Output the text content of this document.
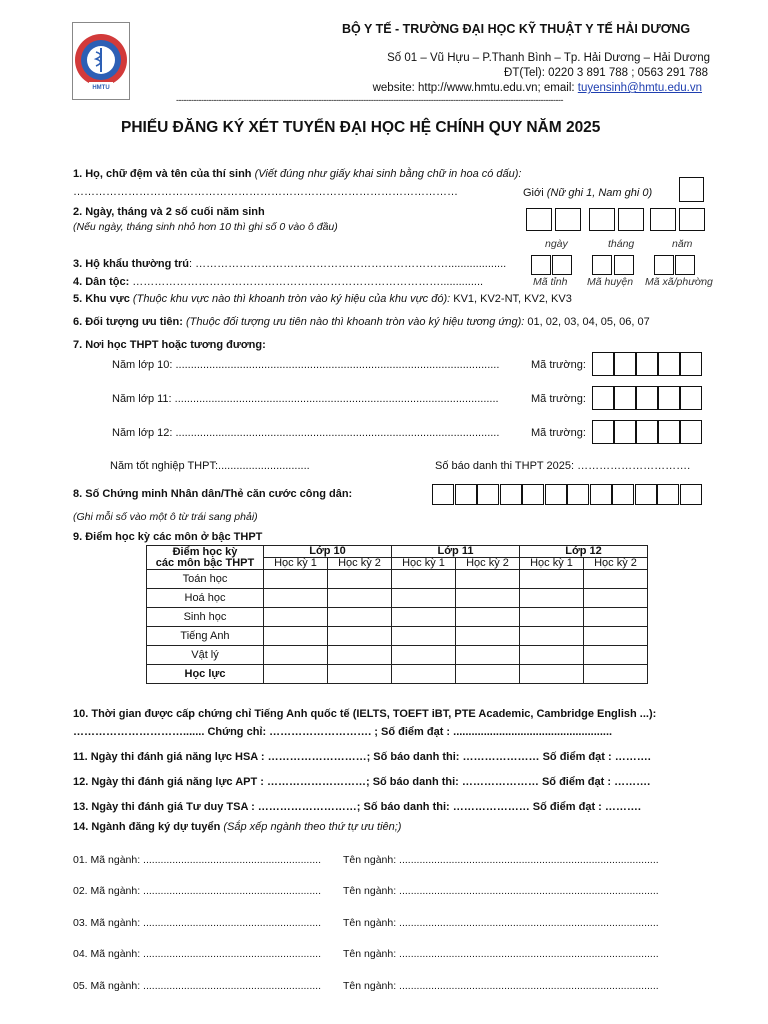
HMTU
BỘ Y TẾ - TRƯỜNG ĐẠI HỌC KỸ THUẬT Y TẾ HẢI DƯƠNG
Số 01 – Vũ Hựu – P.Thanh Bình – Tp. Hải Dương – Hải Dương
ĐT(Tel): 0220 3 891 788 ; 0563 291 788
website: http://www.hmtu.edu.vn; email: tuyensinh@hmtu.edu.vn
-----------------------------------------------------------------------------------------------------------------------------------------------------------
PHIẾU ĐĂNG KÝ XÉT TUYỂN ĐẠI HỌC HỆ CHÍNH QUY NĂM 2025
1. Họ, chữ đệm và tên của thí sinh (Viết đúng như giấy khai sinh bằng chữ in hoa có dấu):
……………………………………………………………………………………………	Giới (Nữ ghi 1, Nam ghi 0)
2. Ngày, tháng và 2 số cuối năm sinh
(Nếu ngày, tháng sinh nhỏ hơn 10 thì ghi số 0 vào ô đầu)
ngày	tháng	năm
3. Hộ khẩu thường trú: ……………………………………………………………...................
4. Dân tộc: …………………………………………………………………………..............	Mã tỉnh Mã huyện Mã xã/phường
5. Khu vực (Thuộc khu vực nào thì khoanh tròn vào ký hiệu của khu vực đó): KV1, KV2-NT, KV2, KV3
6. Đối tượng ưu tiên: (Thuộc đối tượng ưu tiên nào thì khoanh tròn vào ký hiệu tương ứng): 01, 02, 03, 04, 05, 06, 07
7. Nơi học THPT hoặc tương đương:
Năm lớp 10: ..........................................................................................................	Mã trường:
Năm lớp 11: ..........................................................................................................	Mã trường:
Năm lớp 12: ..........................................................................................................	Mã trường:
Năm tốt nghiệp THPT:..............................	Số báo danh thi THPT 2025: ………………………….
8. Số Chứng minh Nhân dân/Thẻ căn cước công dân:
(Ghi mỗi số vào một ô từ trái sang phải)
9. Điểm học kỳ các môn ở bậc THPT
Điểm học kỳ
các môn bậc THPT	Lớp 10		Lớp 11		Lớp 12	
	Học kỳ 1	Học kỳ 2	Học kỳ 1	Học kỳ 2	Học kỳ 1	Học kỳ 2
Toán học						
Hoá học						
Sinh học						
Tiếng Anh						
Vật lý						
Học lực						
10. Thời gian được cấp chứng chỉ Tiếng Anh quốc tế (IELTS, TOEFT iBT, PTE Academic, Cambridge English ...):
…………………………....... Chứng chỉ: ………………………. ; Số điểm đạt : ....................................................
11. Ngày thi đánh giá năng lực HSA : ………………………; Số báo danh thi: ………………… Số điểm đạt : ……….
12. Ngày thi đánh giá năng lực APT : ………………………; Số báo danh thi: ………………… Số điểm đạt : ……….
13. Ngày thi đánh giá Tư duy TSA : ………………………; Số báo danh thi: ………………… Số điểm đạt : ……….
14. Ngành đăng ký dự tuyển (Sắp xếp ngành theo thứ tự ưu tiên;)
01. Mã ngành: ............................................................. Tên ngành: .........................................................................................
02. Mã ngành: ............................................................. Tên ngành: .........................................................................................
03. Mã ngành: ............................................................. Tên ngành: .........................................................................................
04. Mã ngành: ............................................................. Tên ngành: .........................................................................................
05. Mã ngành: ............................................................. Tên ngành: .........................................................................................
